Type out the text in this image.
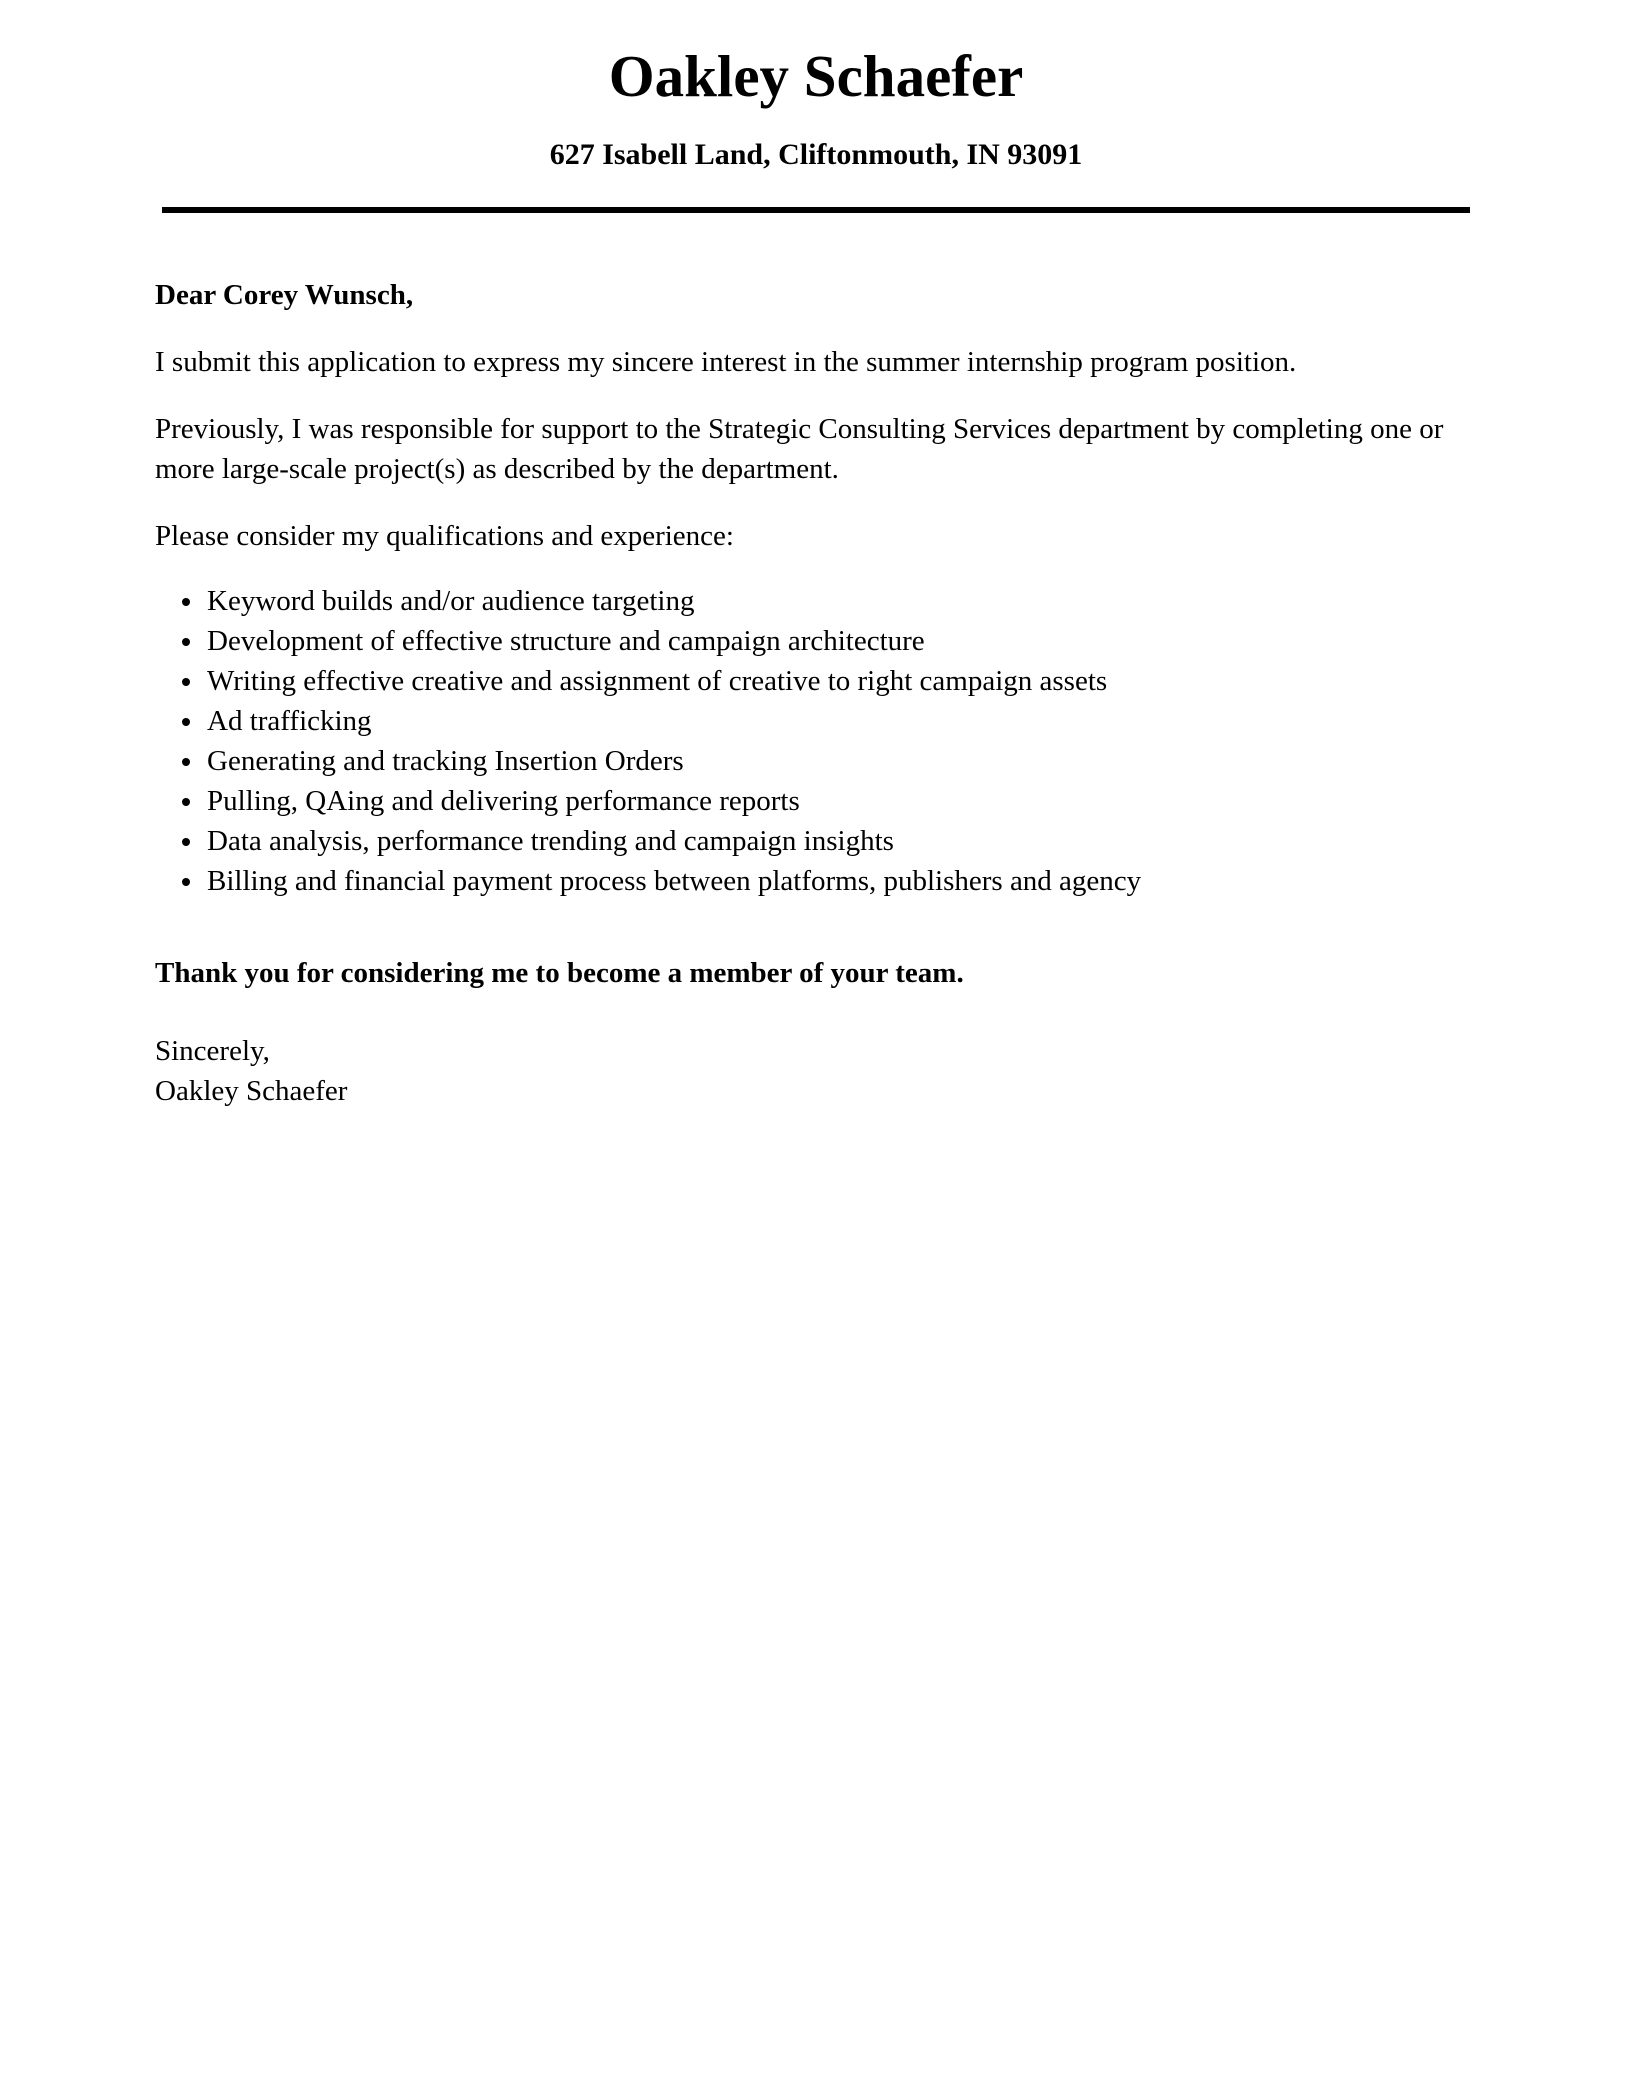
Oakley Schaefer

627 Isabell Land, Cliftonmouth, IN 93091

Dear Corey Wunsch,

I submit this application to express my sincere interest in the summer internship program position.

Previously, I was responsible for support to the Strategic Consulting Services department by completing one or more large-scale project(s) as described by the department.

Please consider my qualifications and experience:

• Keyword builds and/or audience targeting
• Development of effective structure and campaign architecture
• Writing effective creative and assignment of creative to right campaign assets
• Ad trafficking
• Generating and tracking Insertion Orders
• Pulling, QAing and delivering performance reports
• Data analysis, performance trending and campaign insights
• Billing and financial payment process between platforms, publishers and agency

Thank you for considering me to become a member of your team.

Sincerely,

Oakley Schaefer
